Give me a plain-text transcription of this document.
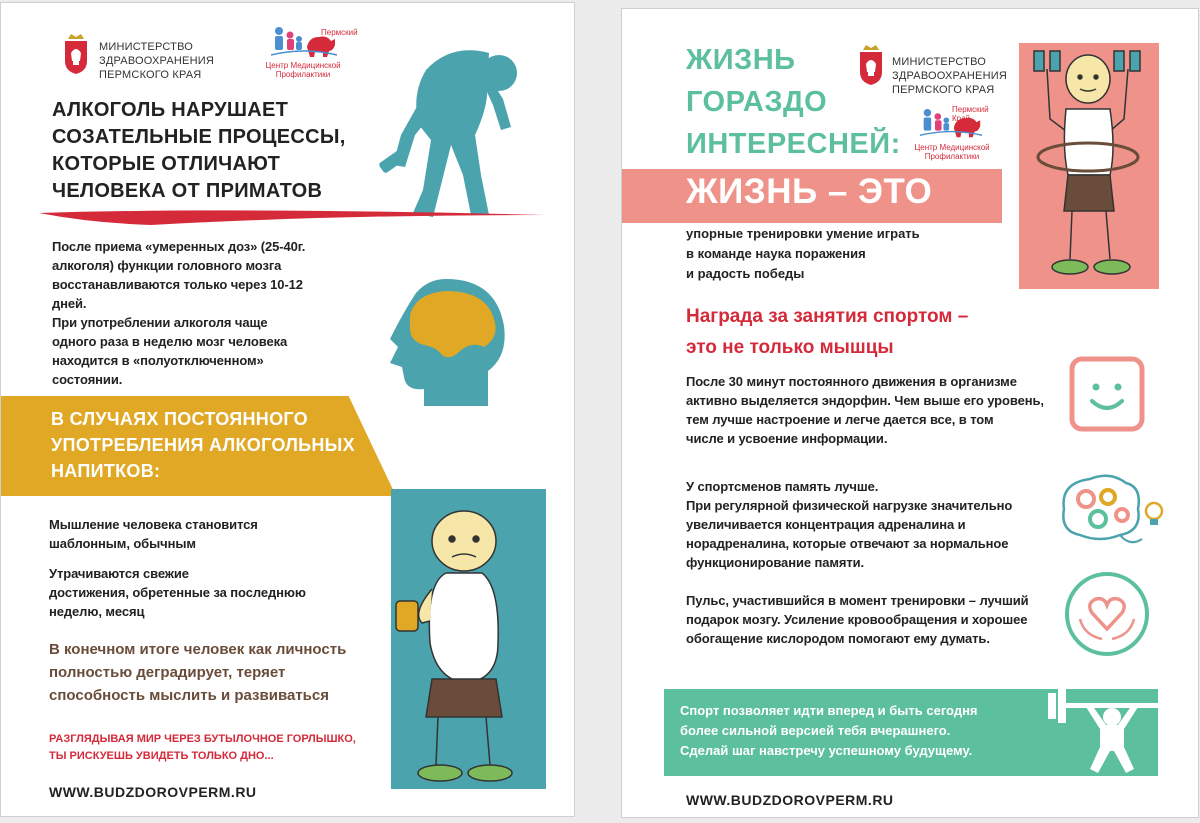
МИНИСТЕРСТВО
ЗДРАВООХРАНЕНИЯ
ПЕРМСКОГО КРАЯ
Пермский
Центр Медицинской
Профилактики
АЛКОГОЛЬ НАРУШАЕТ
СОЗАТЕЛЬНЫЕ ПРОЦЕССЫ,
КОТОРЫЕ ОТЛИЧАЮТ
ЧЕЛОВЕКА ОТ ПРИМАТОВ
После приема «умеренных доз» (25-40г.
алкоголя) функции головного мозга
восстанавливаются только через 10-12
дней.
При употреблении алкоголя чаще
одного раза в неделю мозг человека
находится в «полуотключенном»
состоянии.
В СЛУЧАЯХ ПОСТОЯННОГО
УПОТРЕБЛЕНИЯ АЛКОГОЛЬНЫХ
НАПИТКОВ:
Мышление человека становится
шаблонным, обычным
Утрачиваются свежие
достижения, обретенные за последнюю
неделю, месяц
В конечном итоге человек как личность
полностью деградирует, теряет
способность мыслить и развиваться
РАЗГЛЯДЫВАЯ МИР ЧЕРЕЗ БУТЫЛОЧНОЕ ГОРЛЫШКО,
ТЫ РИСКУЕШЬ УВИДЕТЬ ТОЛЬКО ДНО...
WWW.BUDZDOROVPERM.RU
ЖИЗНЬ
ГОРАЗДО
ИНТЕРЕСНЕЙ:
МИНИСТЕРСТВО
ЗДРАВООХРАНЕНИЯ
ПЕРМСКОГО КРАЯ
Пермский
Край
Центр Медицинской
Профилактики
ЖИЗНЬ – ЭТО
упорные тренировки умение играть
в команде наука поражения
и радость победы
Награда за занятия спортом –
это не только мышцы
После 30 минут постоянного движения в организме
активно выделяется эндорфин. Чем выше его уровень,
тем лучше настроение и легче дается все, в том
числе и усвоение информации.
У спортсменов память лучше.
При регулярной физической нагрузке значительно
увеличивается концентрация адреналина и
норадреналина, которые отвечают за нормальное
функционирование памяти.
Пульс, участившийся в момент тренировки – лучший
подарок мозгу. Усиление кровообращения и хорошее
обогащение кислородом помогают ему думать.
Спорт позволяет идти вперед и быть сегодня
более сильной версией тебя вчерашнего.
Сделай шаг навстречу успешному будущему.
WWW.BUDZDOROVPERM.RU
